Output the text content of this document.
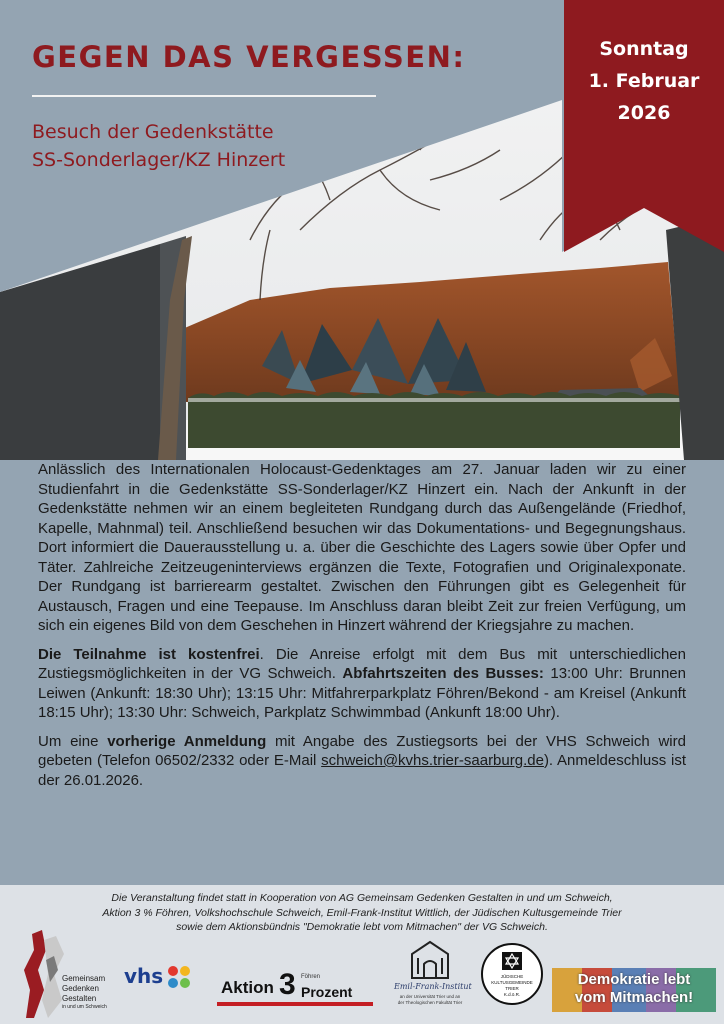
GEGEN DAS VERGESSEN:
Besuch der Gedenkstätte
SS-Sonderlager/KZ Hinzert
Sonntag
1. Februar
2026

Anlässlich des Internationalen Holocaust-Gedenktages am 27. Januar laden wir zu einer Studienfahrt in die Gedenkstätte SS-Sonderlager/KZ Hinzert ein. Nach der Ankunft in der Gedenkstätte nehmen wir an einem begleiteten Rundgang durch das Außengelände (Friedhof, Kapelle, Mahnmal) teil. Anschließend besuchen wir das Dokumentations- und Begegnungshaus. Dort informiert die Dauerausstellung u. a. über die Geschichte des Lagers sowie über Opfer und Täter. Zahlreiche Zeitzeugeninterviews ergänzen die Texte, Fotografien und Originalexponate. Der Rundgang ist barrierearm gestaltet. Zwischen den Führungen gibt es Gelegenheit für Austausch, Fragen und eine Teepause. Im Anschluss daran bleibt Zeit zur freien Verfügung, um sich ein eigenes Bild von dem Geschehen in Hinzert während der Kriegsjahre zu machen.

Die Teilnahme ist kostenfrei. Die Anreise erfolgt mit dem Bus mit unterschiedlichen Zustiegsmöglichkeiten in der VG Schweich. Abfahrtszeiten des Busses: 13:00 Uhr: Brunnen Leiwen (Ankunft: 18:30 Uhr); 13:15 Uhr: Mitfahrerparkplatz Föhren/Bekond - am Kreisel (Ankunft 18:15 Uhr); 13:30 Uhr: Schweich, Parkplatz Schwimmbad (Ankunft 18:00 Uhr).

Um eine vorherige Anmeldung mit Angabe des Zustiegsorts bei der VHS Schweich wird gebeten (Telefon 06502/2332 oder E-Mail schweich@kvhs.trier-saarburg.de). Anmeldeschluss ist der 26.01.2026.

Die Veranstaltung findet statt in Kooperation von AG Gemeinsam Gedenken Gestalten in und um Schweich,
Aktion 3 % Föhren, Volkshochschule Schweich, Emil-Frank-Institut Wittlich, der Jüdischen Kultusgemeinde Trier
sowie dem Aktionsbündnis "Demokratie lebt vom Mitmachen" der VG Schweich.
Gemeinsam
Gedenken
Gestalten
in und um Schweich
vhs	Aktion 3 Föhren
Prozent	Emil-Frank-Institut
an der Universität Trier und an
der Theologischen Fakultät Trier
JÜDISCHE
KULTUSGEMEINDE
TRIER
K.d.ö.R.
Demokratie lebt
vom Mitmachen!
